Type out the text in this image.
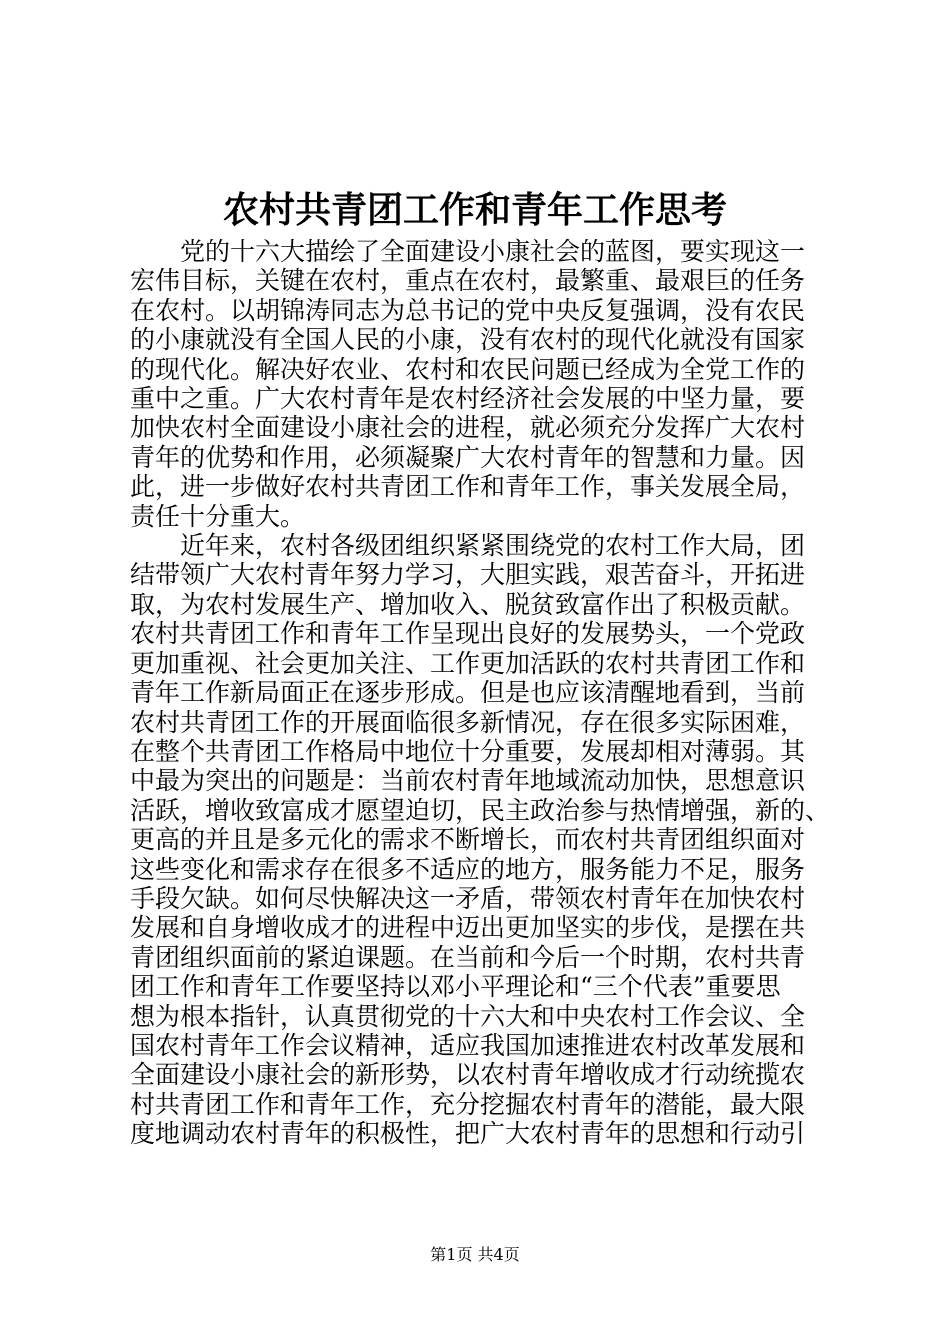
农村共青团工作和青年工作思考
党的十六大描绘了全面建设小康社会的蓝图，要实现这一
宏伟目标，关键在农村，重点在农村，最繁重、最艰巨的任务
在农村。以胡锦涛同志为总书记的党中央反复强调，没有农民
的小康就没有全国人民的小康，没有农村的现代化就没有国家
的现代化。解决好农业、农村和农民问题已经成为全党工作的
重中之重。广大农村青年是农村经济社会发展的中坚力量，要
加快农村全面建设小康社会的进程，就必须充分发挥广大农村
青年的优势和作用，必须凝聚广大农村青年的智慧和力量。因
此，进一步做好农村共青团工作和青年工作，事关发展全局，
责任十分重大。
近年来，农村各级团组织紧紧围绕党的农村工作大局，团
结带领广大农村青年努力学习，大胆实践，艰苦奋斗，开拓进
取，为农村发展生产、增加收入、脱贫致富作出了积极贡献。
农村共青团工作和青年工作呈现出良好的发展势头，一个党政
更加重视、社会更加关注、工作更加活跃的农村共青团工作和
青年工作新局面正在逐步形成。但是也应该清醒地看到，当前
农村共青团工作的开展面临很多新情况，存在很多实际困难，
在整个共青团工作格局中地位十分重要，发展却相对薄弱。其
中最为突出的问题是：当前农村青年地域流动加快，思想意识
活跃，增收致富成才愿望迫切，民主政治参与热情增强，新的、
更高的并且是多元化的需求不断增长，而农村共青团组织面对
这些变化和需求存在很多不适应的地方，服务能力不足，服务
手段欠缺。如何尽快解决这一矛盾，带领农村青年在加快农村
发展和自身增收成才的进程中迈出更加坚实的步伐，是摆在共
青团组织面前的紧迫课题。在当前和今后一个时期，农村共青
团工作和青年工作要坚持以邓小平理论和“三个代表”重要思
想为根本指针，认真贯彻党的十六大和中央农村工作会议、全
国农村青年工作会议精神，适应我国加速推进农村改革发展和
全面建设小康社会的新形势，以农村青年增收成才行动统揽农
村共青团工作和青年工作，充分挖掘农村青年的潜能，最大限
度地调动农村青年的积极性，把广大农村青年的思想和行动引
第1页 共4页
